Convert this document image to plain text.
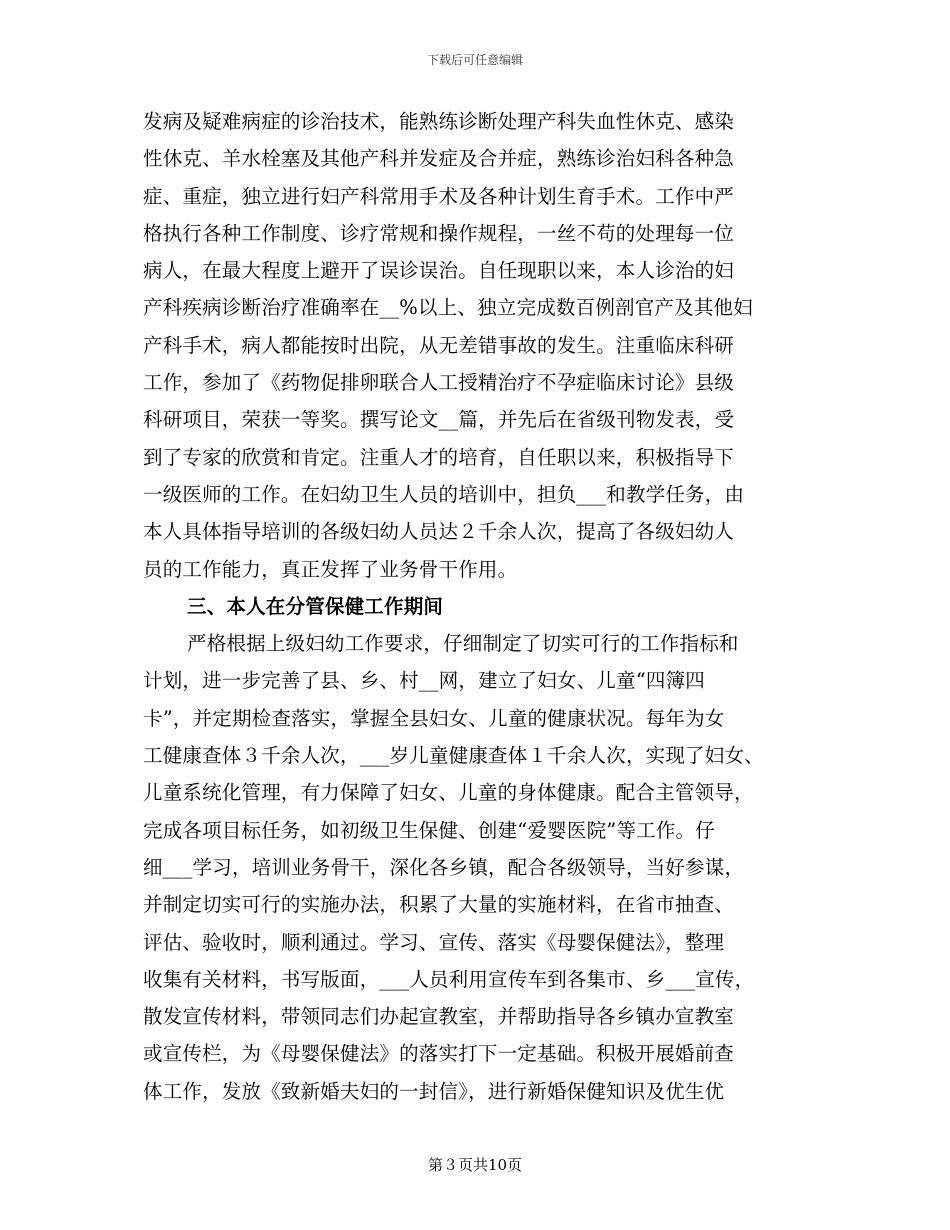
下载后可任意编辑
发病及疑难病症的诊治技术，能熟练诊断处理产科失血性休克、感染
性休克、羊水栓塞及其他产科并发症及合并症，熟练诊治妇科各种急
症、重症，独立进行妇产科常用手术及各种计划生育手术。工作中严
格执行各种工作制度、诊疗常规和操作规程，一丝不苟的处理每一位
病人，在最大程度上避开了误诊误治。自任现职以来，本人诊治的妇
产科疾病诊断治疗准确率在__%以上、独立完成数百例剖官产及其他妇
产科手术，病人都能按时出院，从无差错事故的发生。注重临床科研
工作，参加了《药物促排卵联合人工授精治疗不孕症临床讨论》县级
科研项目，荣获一等奖。撰写论文__篇，并先后在省级刊物发表，受
到了专家的欣赏和肯定。注重人才的培育，自任职以来，积极指导下
一级医师的工作。在妇幼卫生人员的培训中，担负___和教学任务，由
本人具体指导培训的各级妇幼人员达２千余人次，提高了各级妇幼人
员的工作能力，真正发挥了业务骨干作用。
三、本人在分管保健工作期间
严格根据上级妇幼工作要求，仔细制定了切实可行的工作指标和
计划，进一步完善了县、乡、村__网，建立了妇女、儿童“四簿四
卡”，并定期检查落实，掌握全县妇女、儿童的健康状况。每年为女
工健康查体３千余人次，___岁儿童健康查体１千余人次，实现了妇女、
儿童系统化管理，有力保障了妇女、儿童的身体健康。配合主管领导，
完成各项目标任务，如初级卫生保健、创建“爱婴医院”等工作。仔
细___学习，培训业务骨干，深化各乡镇，配合各级领导，当好参谋，
并制定切实可行的实施办法，积累了大量的实施材料，在省市抽查、
评估、验收时，顺利通过。学习、宣传、落实《母婴保健法》，整理
收集有关材料，书写版面，___人员利用宣传车到各集市、乡___宣传，
散发宣传材料，带领同志们办起宣教室，并帮助指导各乡镇办宣教室
或宣传栏，为《母婴保健法》的落实打下一定基础。积极开展婚前查
体工作，发放《致新婚夫妇的一封信》，进行新婚保健知识及优生优
第３页共10页
